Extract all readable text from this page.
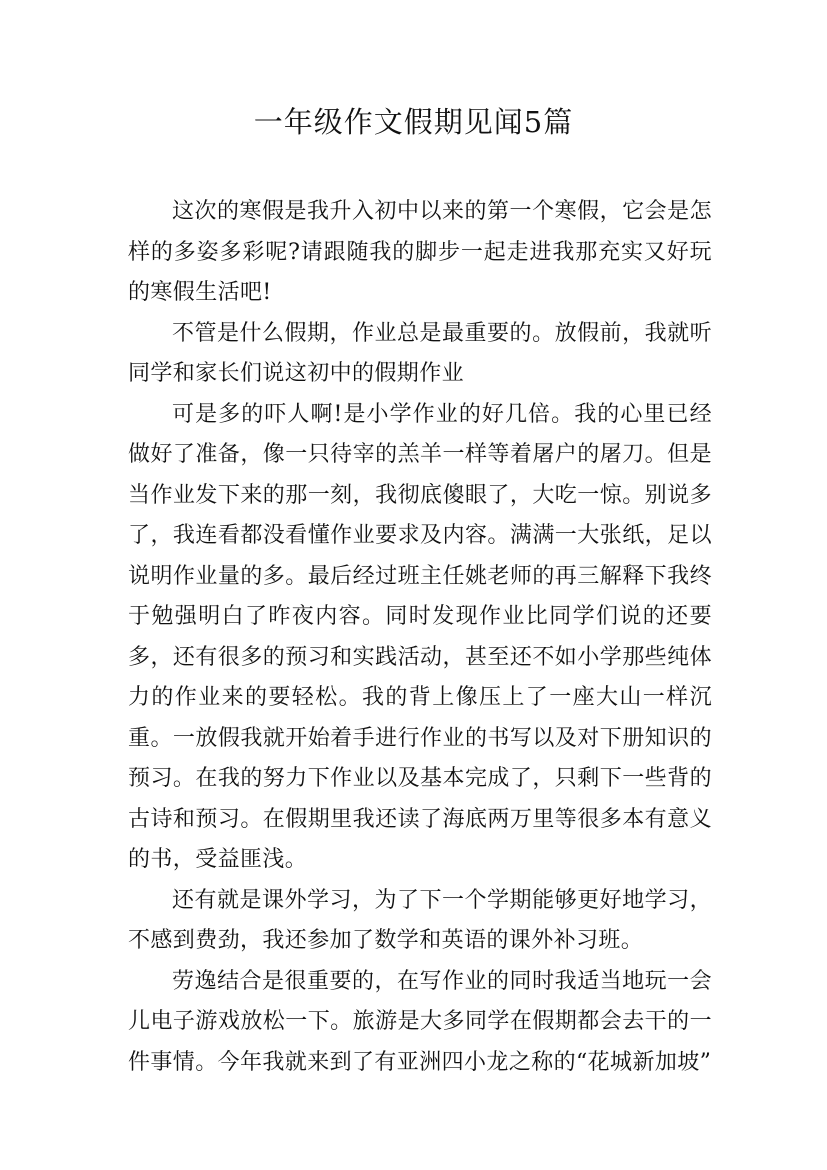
一年级作文假期见闻5篇

这次的寒假是我升入初中以来的第一个寒假，它会是怎样的多姿多彩呢?请跟随我的脚步一起走进我那充实又好玩的寒假生活吧!

不管是什么假期，作业总是最重要的。放假前，我就听同学和家长们说这初中的假期作业

可是多的吓人啊!是小学作业的好几倍。我的心里已经做好了准备，像一只待宰的羔羊一样等着屠户的屠刀。但是当作业发下来的那一刻，我彻底傻眼了，大吃一惊。别说多了，我连看都没看懂作业要求及内容。满满一大张纸，足以说明作业量的多。最后经过班主任姚老师的再三解释下我终于勉强明白了昨夜内容。同时发现作业比同学们说的还要多，还有很多的预习和实践活动，甚至还不如小学那些纯体力的作业来的要轻松。我的背上像压上了一座大山一样沉重。一放假我就开始着手进行作业的书写以及对下册知识的预习。在我的努力下作业以及基本完成了，只剩下一些背的古诗和预习。在假期里我还读了海底两万里等很多本有意义的书，受益匪浅。

还有就是课外学习，为了下一个学期能够更好地学习，不感到费劲，我还参加了数学和英语的课外补习班。

劳逸结合是很重要的，在写作业的同时我适当地玩一会儿电子游戏放松一下。旅游是大多同学在假期都会去干的一件事情。今年我就来到了有亚洲四小龙之称的“花城新加坡”
